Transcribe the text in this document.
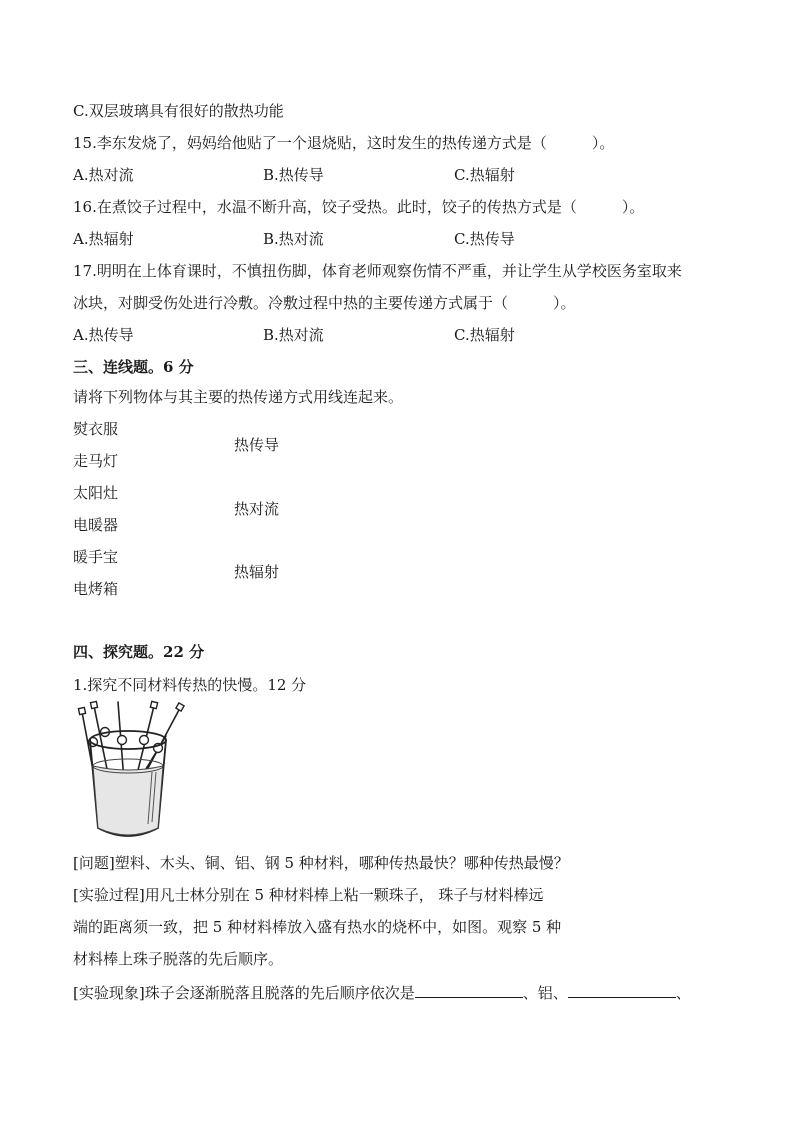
C.双层玻璃具有很好的散热功能
15.李东发烧了，妈妈给他贴了一个退烧贴，这时发生的热传递方式是（　　　）。
A.热对流	B.热传导	C.热辐射
16.在煮饺子过程中，水温不断升高，饺子受热。此时，饺子的传热方式是（　　　）。
A.热辐射	B.热对流	C.热传导
17.明明在上体育课时，不慎扭伤脚，体育老师观察伤情不严重，并让学生从学校医务室取来
冰块，对脚受伤处进行冷敷。冷敷过程中热的主要传递方式属于（　　　）。
A.热传导	B.热对流	C.热辐射
三、连线题。6 分
请将下列物体与其主要的热传递方式用线连起来。
熨衣服
走马灯
太阳灶
电暖器
暖手宝
电烤箱
热传导
热对流
热辐射
四、探究题。22 分
1.探究不同材料传热的快慢。12 分
[问题]塑料、木头、铜、铝、钢 5 种材料，哪种传热最快？哪种传热最慢？
[实验过程]用凡士林分别在 5 种材料棒上粘一颗珠子， 珠子与材料棒远
端的距离须一致，把 5 种材料棒放入盛有热水的烧杯中，如图。观察 5 种
材料棒上珠子脱落的先后顺序。
[实验现象]珠子会逐渐脱落且脱落的先后顺序依次是	、铝、	、
